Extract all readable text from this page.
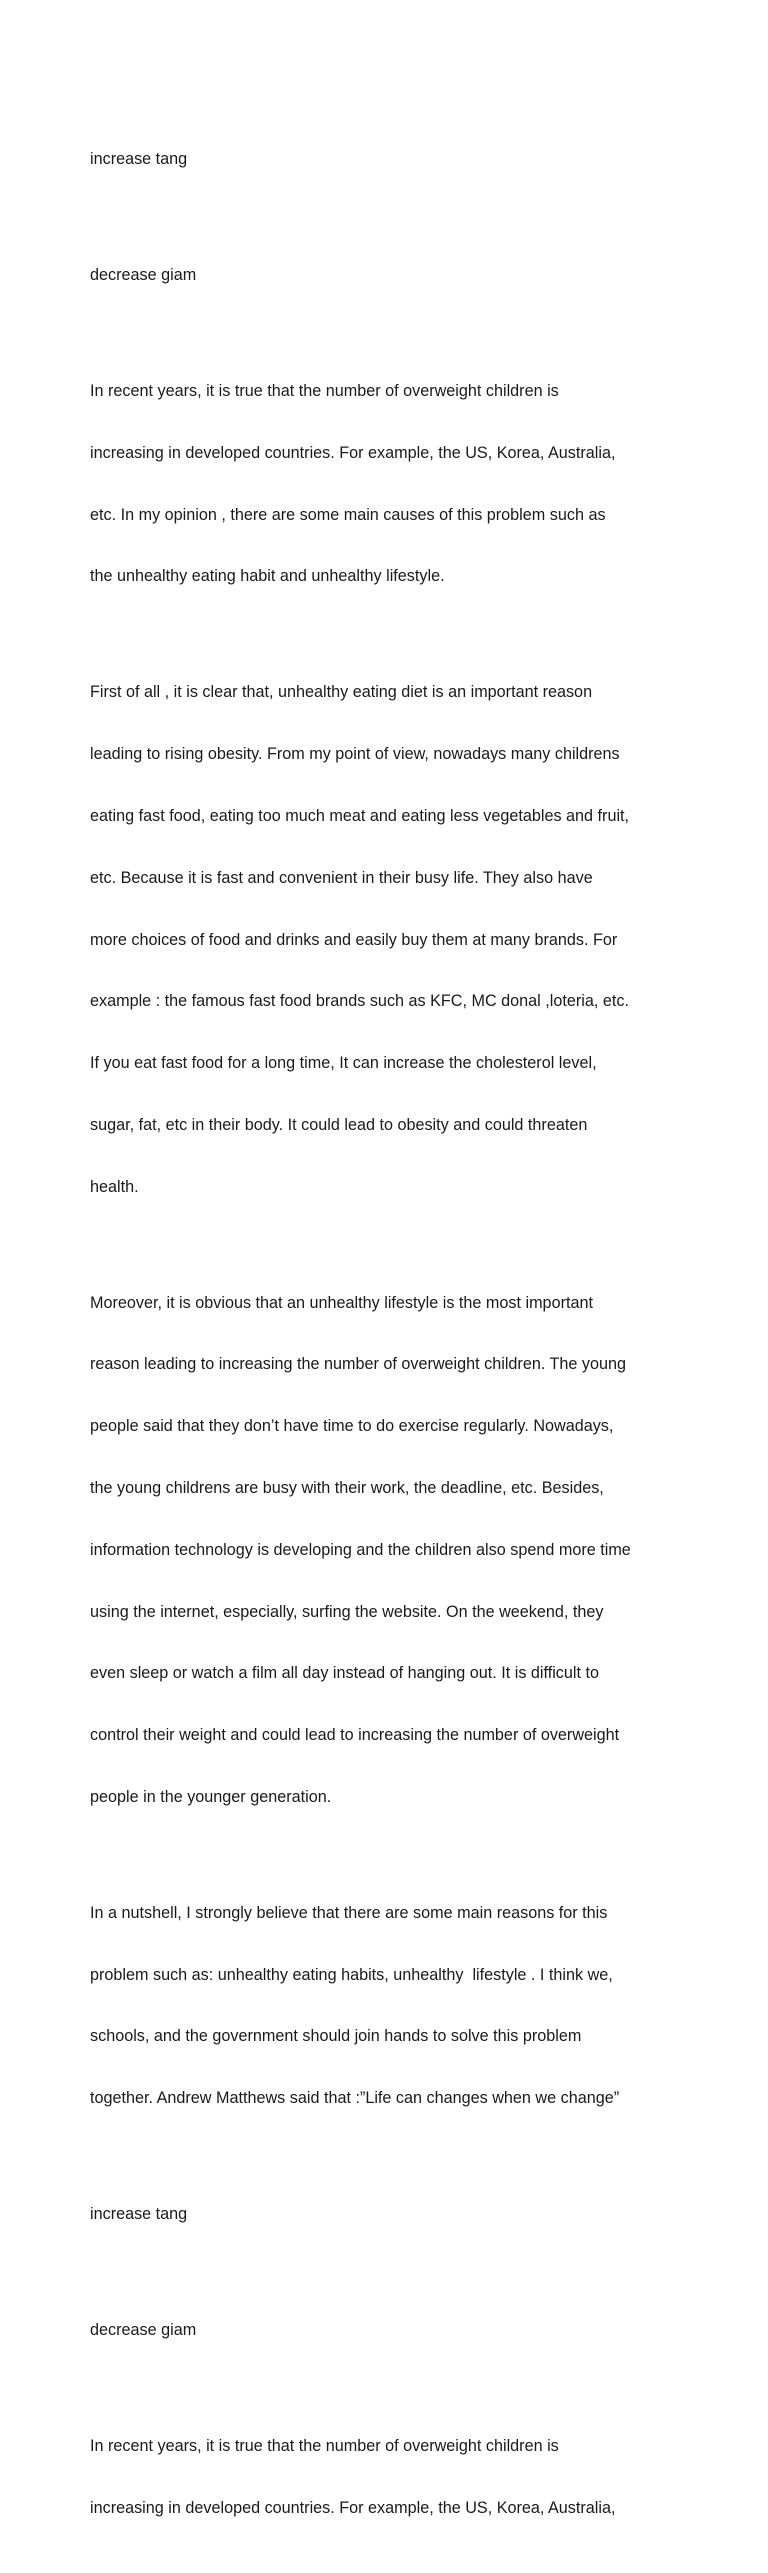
increase tang

decrease giam

In recent years, it is true that the number of overweight children is

increasing in developed countries. For example, the US, Korea, Australia,

etc. In my opinion , there are some main causes of this problem such as

the unhealthy eating habit and unhealthy lifestyle.

First of all , it is clear that, unhealthy eating diet is an important reason

leading to rising obesity. From my point of view, nowadays many childrens

eating fast food, eating too much meat and eating less vegetables and fruit,

etc. Because it is fast and convenient in their busy life. They also have

more choices of food and drinks and easily buy them at many brands. For

example : the famous fast food brands such as KFC, MC donal ,loteria, etc.

If you eat fast food for a long time, It can increase the cholesterol level,

sugar, fat, etc in their body. It could lead to obesity and could threaten

health.

Moreover, it is obvious that an unhealthy lifestyle is the most important

reason leading to increasing the number of overweight children. The young

people said that they don’t have time to do exercise regularly. Nowadays,

the young childrens are busy with their work, the deadline, etc. Besides,

information technology is developing and the children also spend more time

using the internet, especially, surfing the website. On the weekend, they

even sleep or watch a film all day instead of hanging out. It is difficult to

control their weight and could lead to increasing the number of overweight

people in the younger generation.

In a nutshell, I strongly believe that there are some main reasons for this

problem such as: unhealthy eating habits, unhealthy  lifestyle . I think we,

schools, and the government should join hands to solve this problem

together. Andrew Matthews said that :”Life can changes when we change”

increase tang

decrease giam

In recent years, it is true that the number of overweight children is

increasing in developed countries. For example, the US, Korea, Australia,
